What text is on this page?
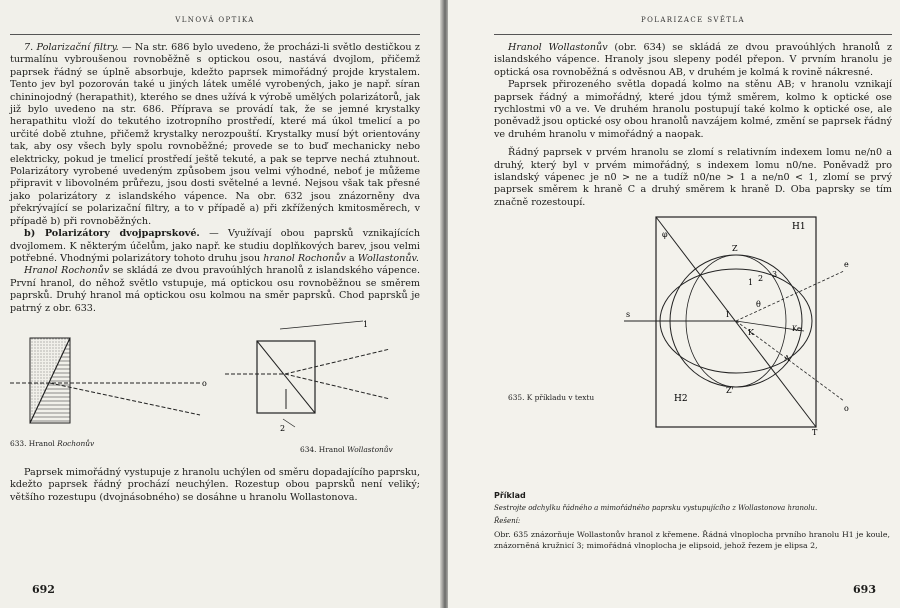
VLNOVÁ OPTIKA

7. Polarizační filtry. — Na str. 686 bylo uvedeno, že procházi-li světlo destičkou z turmalínu vybroušenou rovnoběžně s optickou osou, nastává dvojlom, přičemž paprsek řádný se úplně absorbuje, kdežto paprsek mimořádný projde krystalem. Tento jev byl pozorován také u jiných látek umělé vyrobených, jako je např. síran chininojodný (herapathit), kterého se dnes užívá k výrobě umělých polarizátorů, jak již bylo uvedeno na str. 686. Příprava se provádí tak, že se jemné krystalky herapathitu vloží do tekutého izotropního prostředí, které má úkol tmelicí a po určité době ztuhne, přičemž krystalky nerozpouští. Krystalky musí být orientovány tak, aby osy všech byly spolu rovnoběžné; provede se to buď mechanicky nebo elektricky, pokud je tmelicí prostředí ještě tekuté, a pak se teprve nechá ztuhnout. Polarizátory vyrobené uvedeným způsobem jsou velmi výhodné, neboť je můžeme připravit v libovolném průřezu, jsou dosti světelné a levné. Nejsou však tak přesné jako polarizátory z islandského vápence. Na obr. 632 jsou znázorněny dva překrývající se polarizační filtry, a to v případě a) při zkřížených kmitosměrech, v případě b) při rovnoběžných.

b) Polarizátory dvojpaprskové. — Využívají obou paprsků vznikajících dvojlomem. K některým účelům, jako např. ke studiu doplňkových barev, jsou velmi potřebné. Vhodnými polarizátory tohoto druhu jsou hranol Rochonův a Wollastonův.

Hranol Rochonův se skládá ze dvou pravoúhlých hranolů z islandského vápence. První hranol, do něhož světlo vstupuje, má optickou osu rovnoběžnou se směrem paprsků. Druhý hranol má optickou osu kolmou na směr paprsků. Chod paprsků je patrný z obr. 633.

o
633. Hranol Rochonův
1
2
634. Hranol Wollastonův

Paprsek mimořádný vystupuje z hranolu uchýlen od směru dopadajícího paprsku, kdežto paprsek řádný prochází neuchýlen. Rozestup obou paprsků není veliký; většího rozestupu (dvojnásobného) se dosáhne u hranolu Wollastonova.

692
POLARIZACE SVĚTLA

Hranol Wollastonův (obr. 634) se skládá ze dvou pravoúhlých hranolů z islandského vápence. Hranoly jsou slepeny podél přepon. V prvním hranolu je optická osa rovnoběžná s odvěsnou AB, v druhém je kolmá k rovině nákresné.

Paprsek přirozeného světla dopadá kolmo na stěnu AB; v hranolu vznikají paprsek řádný a mimořádný, které jdou týmž směrem, kolmo k optické ose rychlostmi v0 a ve. Ve druhém hranolu postupují také kolmo k optické ose, ale poněvadž jsou optické osy obou hranolů navzájem kolmé, změní se paprsek řádný ve druhém hranolu v mimořádný a naopak.

Řádný paprsek v prvém hranolu se zlomí s relativním indexem lomu ne/n0 a druhý, který byl v prvém mimořádný, s indexem lomu n0/ne. Poněvadž pro islandský vápenec je n0 > ne a tudíž n0/ne > 1 a ne/n0 < 1, zlomí se prvý paprsek směrem k hraně C a druhý směrem k hraně D. Oba paprsky se tím značně rozestoupí.

635. K příkladu v textu
H1
H2
Z
Z'
T
s
e
o
1 2 3
I
K	Ke
A
θ
φ

Příklad

Sestrojte odchylku řádného a mimořádného paprsku vystupujícího z Wollastonova hranolu.

Řešení:

Obr. 635 znázorňuje Wollastonův hranol z křemene. Řádná vlnoplocha prvního hranolu H1 je koule, znázorněná kružnicí 3; mimořádná vlnoplocha je elipsoid, jehož řezem je elipsa 2,

693
